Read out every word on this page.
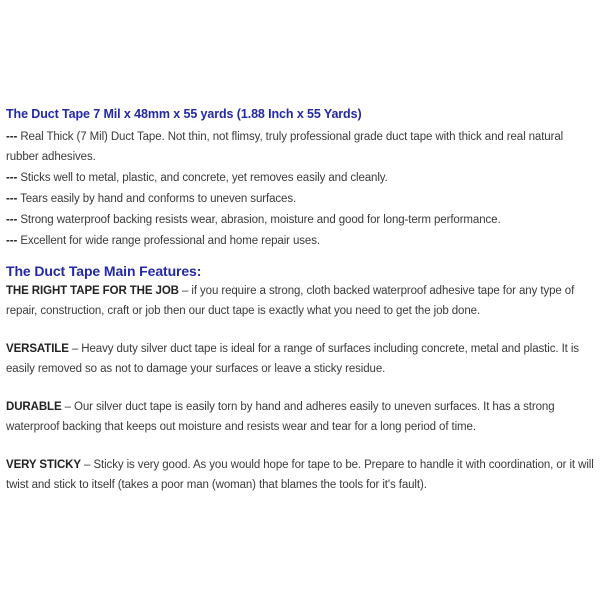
The Duct Tape 7 Mil x 48mm x 55 yards (1.88 Inch x 55 Yards)
--- Real Thick (7 Mil) Duct Tape. Not thin, not flimsy, truly professional grade duct tape with thick and real natural rubber adhesives.
--- Sticks well to metal, plastic, and concrete, yet removes easily and cleanly.
--- Tears easily by hand and conforms to uneven surfaces.
--- Strong waterproof backing resists wear, abrasion, moisture and good for long-term performance.
--- Excellent for wide range professional and home repair uses.
The Duct Tape Main Features:

THE RIGHT TAPE FOR THE JOB – if you require a strong, cloth backed waterproof adhesive tape for any type of repair, construction, craft or job then our duct tape is exactly what you need to get the job done.

VERSATILE – Heavy duty silver duct tape is ideal for a range of surfaces including concrete, metal and plastic. It is easily removed so as not to damage your surfaces or leave a sticky residue.

DURABLE – Our silver duct tape is easily torn by hand and adheres easily to uneven surfaces. It has a strong waterproof backing that keeps out moisture and resists wear and tear for a long period of time.

VERY STICKY – Sticky is very good. As you would hope for tape to be. Prepare to handle it with coordination, or it will twist and stick to itself (takes a poor man (woman) that blames the tools for it's fault).
